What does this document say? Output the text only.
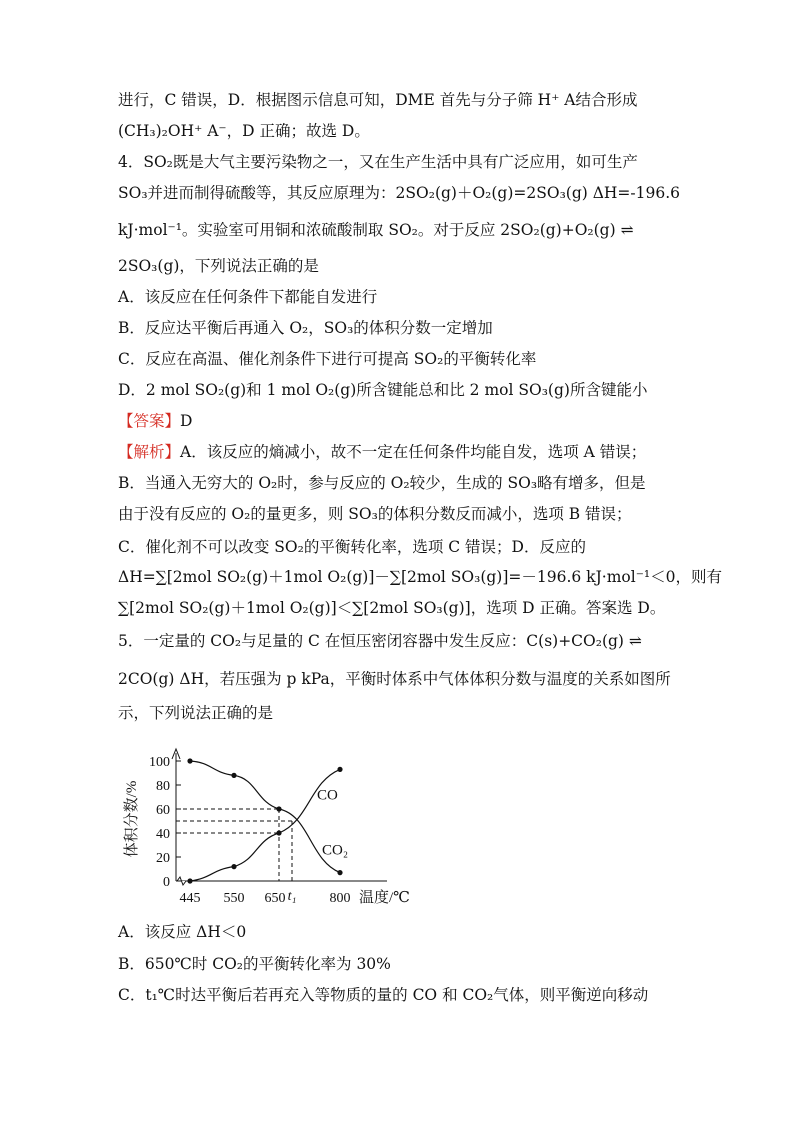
进行，C 错误，D．根据图示信息可知，DME 首先与分子筛 H⁺ A结合形成
(CH₃)₂OH⁺ A⁻，D 正确；故选 D。
4．SO₂既是大气主要污染物之一，又在生产生活中具有广泛应用，如可生产
SO₃并进而制得硫酸等，其反应原理为：2SO₂(g)＋O₂(g)=2SO₃(g) ΔH=-196.6
kJ·mol⁻¹。实验室可用铜和浓硫酸制取 SO₂。对于反应 2SO₂(g)+O₂(g) ⇌
2SO₃(g)，下列说法正确的是
A．该反应在任何条件下都能自发进行
B．反应达平衡后再通入 O₂，SO₃的体积分数一定增加
C．反应在高温、催化剂条件下进行可提高 SO₂的平衡转化率
D．2 mol SO₂(g)和 1 mol O₂(g)所含键能总和比 2 mol SO₃(g)所含键能小
【答案】D
【解析】A．该反应的熵减小，故不一定在任何条件均能自发，选项 A 错误；
B．当通入无穷大的 O₂时，参与反应的 O₂较少，生成的 SO₃略有增多，但是
由于没有反应的 O₂的量更多，则 SO₃的体积分数反而减小，选项 B 错误；
C．催化剂不可以改变 SO₂的平衡转化率，选项 C 错误；D．反应的
ΔH=∑[2mol SO₂(g)＋1mol O₂(g)]－∑[2mol SO₃(g)]=－196.6 kJ·mol⁻¹＜0，则有
∑[2mol SO₂(g)＋1mol O₂(g)]＜∑[2mol SO₃(g)]，选项 D 正确。答案选 D。
5．一定量的 CO₂与足量的 C 在恒压密闭容器中发生反应：C(s)+CO₂(g) ⇌
2CO(g) ΔH，若压强为 p kPa，平衡时体系中气体体积分数与温度的关系如图所
示，下列说法正确的是
0
20
40
60
80
100
体积分数/%
445 550 650	800
t₁	温度/℃
CO
CO₂
A．该反应 ΔH＜0
B．650℃时 CO₂的平衡转化率为 30%
C．t₁℃时达平衡后若再充入等物质的量的 CO 和 CO₂气体，则平衡逆向移动
